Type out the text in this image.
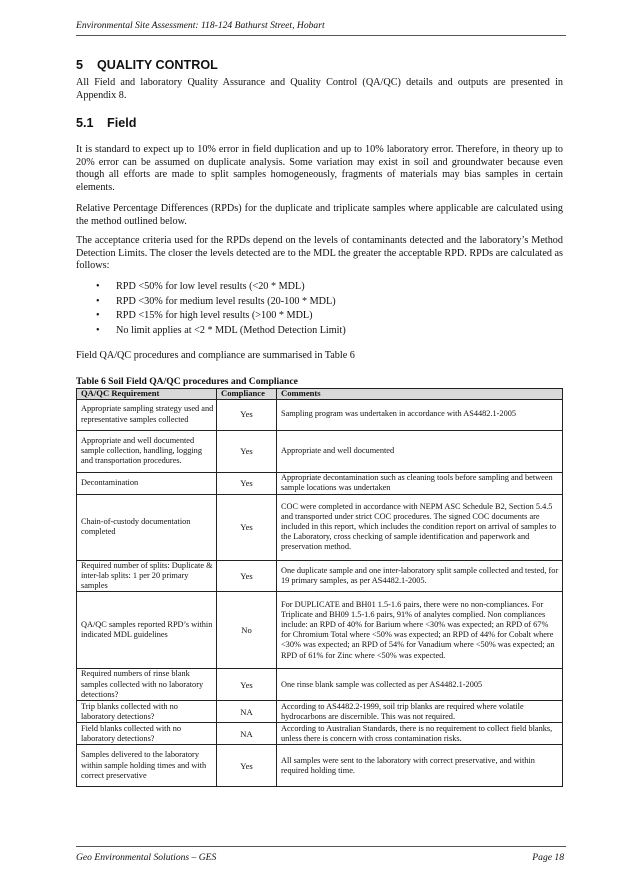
Environmental Site Assessment: 118-124 Bathurst Street, Hobart
5 QUALITY CONTROL

All Field and laboratory Quality Assurance and Quality Control (QA/QC) details and outputs are presented in Appendix 8.

5.1 Field

It is standard to expect up to 10% error in field duplication and up to 10% laboratory error. Therefore, in theory up to 20% error can be assumed on duplicate analysis. Some variation may exist in soil and groundwater because even though all efforts are made to split samples homogeneously, fragments of materials may bias samples in certain elements.

Relative Percentage Differences (RPDs) for the duplicate and triplicate samples where applicable are calculated using the method outlined below.

The acceptance criteria used for the RPDs depend on the levels of contaminants detected and the laboratory’s Method Detection Limits. The closer the levels detected are to the MDL the greater the acceptable RPD. RPDs are calculated as follows:

• RPD <50% for low level results (<20 * MDL)
• RPD <30% for medium level results (20-100 * MDL)
• RPD <15% for high level results (>100 * MDL)
• No limit applies at <2 * MDL (Method Detection Limit)

Field QA/QC procedures and compliance are summarised in Table 6

Table 6 Soil Field QA/QC procedures and Compliance
QA/QC Requirement	Compliance	Comments
Appropriate sampling strategy used and representative samples collected	Yes	Sampling program was undertaken in accordance with AS4482.1-2005
Appropriate and well documented sample collection, handling, logging and transportation procedures.	Yes	Appropriate and well documented
Decontamination	Yes	Appropriate decontamination such as cleaning tools before sampling and between sample locations was undertaken
Chain-of-custody documentation completed	Yes	COC were completed in accordance with NEPM ASC Schedule B2, Section 5.4.5 and transported under strict COC procedures. The signed COC documents are included in this report, which includes the condition report on arrival of samples to the Laboratory, cross checking of sample identification and paperwork and preservation method.
Required number of splits: Duplicate & inter-lab splits: 1 per 20 primary samples	Yes	One duplicate sample and one inter-laboratory split sample collected and tested, for 19 primary samples, as per AS4482.1-2005.
QA/QC samples reported RPD’s within indicated MDL guidelines	No	For DUPLICATE and BH01 1.5-1.6 pairs, there were no non-compliances. For Triplicate and BH09 1.5-1.6 pairs, 91% of analytes complied. Non compliances include: an RPD of 40% for Barium where <30% was expected; an RPD of 67% for Chromium Total where <50% was expected; an RPD of 44% for Cobalt where <30% was expected; an RPD of 54% for Vanadium where <50% was expected; an RPD of 61% for Zinc where <50% was expected.
Required numbers of rinse blank samples collected with no laboratory detections?	Yes	One rinse blank sample was collected as per AS4482.1-2005
Trip blanks collected with no laboratory detections?	NA	According to AS4482.2-1999, soil trip blanks are required where volatile hydrocarbons are discernible. This was not required.
Field blanks collected with no laboratory detections?	NA	According to Australian Standards, there is no requirement to collect field blanks, unless there is concern with cross contamination risks.
Samples delivered to the laboratory within sample holding times and with correct preservative	Yes	All samples were sent to the laboratory with correct preservative, and within required holding time.
Geo Environmental Solutions – GES	Page 18
